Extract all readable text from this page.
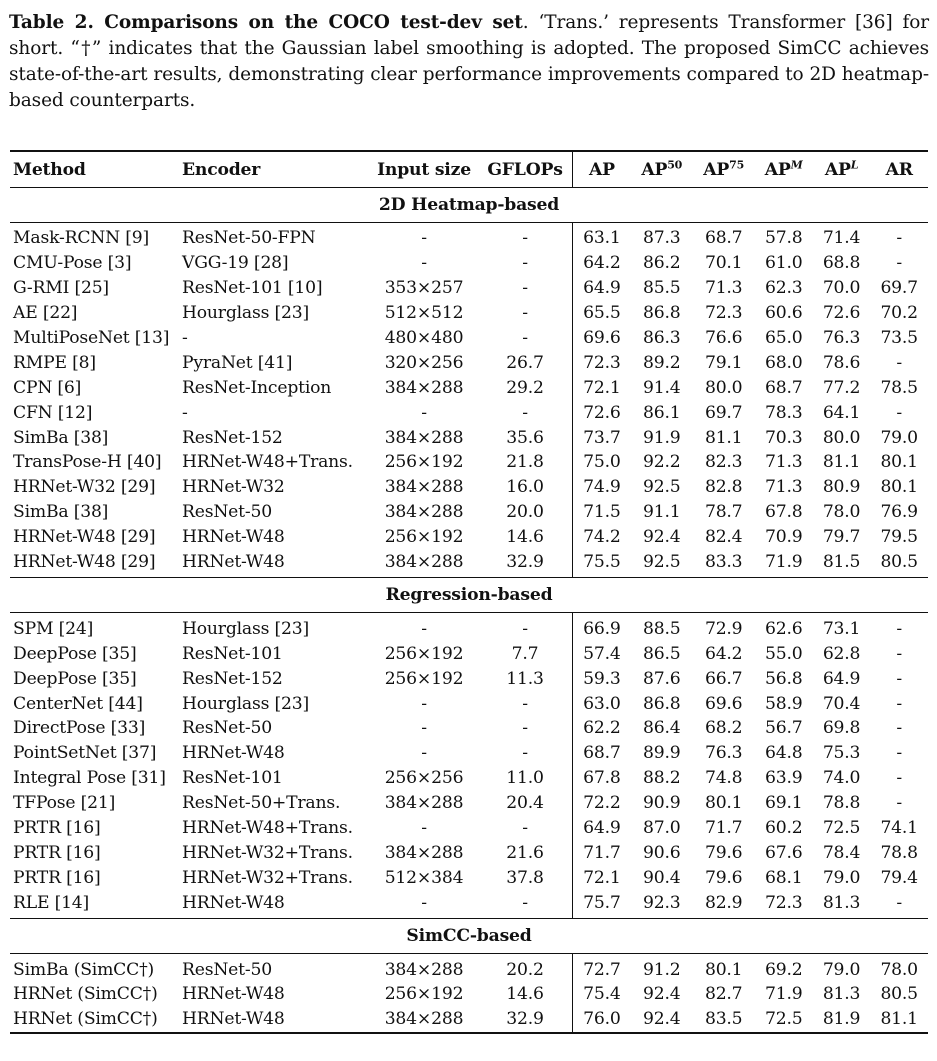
Table 2. Comparisons on the COCO test-dev set. ‘Trans.’ represents Transformer [36] for short. “†” indicates that the Gaussian label smoothing is adopted. The proposed SimCC achieves state-of-the-art results, demonstrating clear performance improvements compared to 2D heatmap-based counterparts.
Method	Encoder	Input size	GFLOPs	AP	AP$^{50}$	AP$^{75}$	$AP^M$	$AP^L$	AR
2D Heatmap-based									
Mask-RCNN [9]	ResNet-50-FPN	-	-	63.1	87.3	68.7	57.8	71.4	-
CMU-Pose [3]	VGG-19 [28]	-	-	64.2	86.2	70.1	61.0	68.8	-
G-RMI [25]	ResNet-101 [10]	353×257	-	64.9	85.5	71.3	62.3	70.0	69.7
AE [22]	Hourglass [23]	512×512	-	65.5	86.8	72.3	60.6	72.6	70.2
MultiPoseNet [13]	-	480×480	-	69.6	86.3	76.6	65.0	76.3	73.5
RMPE [8]	PyraNet [41]	320×256	26.7	72.3	89.2	79.1	68.0	78.6	-
CPN [6]	ResNet-Inception	384×288	29.2	72.1	91.4	80.0	68.7	77.2	78.5
CFN [12]	-	-	-	72.6	86.1	69.7	78.3	64.1	-
SimBa [38]	ResNet-152	384×288	35.6	73.7	91.9	81.1	70.3	80.0	79.0
TransPose-H [40]	HRNet-W48+Trans.	256×192	21.8	75.0	92.2	82.3	71.3	81.1	80.1
HRNet-W32 [29]	HRNet-W32	384×288	16.0	74.9	92.5	82.8	71.3	80.9	80.1
SimBa [38]	ResNet-50	384×288	20.0	71.5	91.1	78.7	67.8	78.0	76.9
HRNet-W48 [29]	HRNet-W48	256×192	14.6	74.2	92.4	82.4	70.9	79.7	79.5
HRNet-W48 [29]	HRNet-W48	384×288	32.9	75.5	92.5	83.3	71.9	81.5	80.5
Regression-based									
SPM [24]	Hourglass [23]	-	-	66.9	88.5	72.9	62.6	73.1	-
DeepPose [35]	ResNet-101	256×192	7.7	57.4	86.5	64.2	55.0	62.8	-
DeepPose [35]	ResNet-152	256×192	11.3	59.3	87.6	66.7	56.8	64.9	-
CenterNet [44]	Hourglass [23]	-	-	63.0	86.8	69.6	58.9	70.4	-
DirectPose [33]	ResNet-50	-	-	62.2	86.4	68.2	56.7	69.8	-
PointSetNet [37]	HRNet-W48	-	-	68.7	89.9	76.3	64.8	75.3	-
Integral Pose [31]	ResNet-101	256×256	11.0	67.8	88.2	74.8	63.9	74.0	-
TFPose [21]	ResNet-50+Trans.	384×288	20.4	72.2	90.9	80.1	69.1	78.8	-
PRTR [16]	HRNet-W48+Trans.	-	-	64.9	87.0	71.7	60.2	72.5	74.1
PRTR [16]	HRNet-W32+Trans.	384×288	21.6	71.7	90.6	79.6	67.6	78.4	78.8
PRTR [16]	HRNet-W32+Trans.	512×384	37.8	72.1	90.4	79.6	68.1	79.0	79.4
RLE [14]	HRNet-W48	-	-	75.7	92.3	82.9	72.3	81.3	-
SimCC-based									
SimBa (SimCC†)	ResNet-50	384×288	20.2	72.7	91.2	80.1	69.2	79.0	78.0
HRNet (SimCC†)	HRNet-W48	256×192	14.6	75.4	92.4	82.7	71.9	81.3	80.5
HRNet (SimCC†)	HRNet-W48	384×288	32.9	76.0	92.4	83.5	72.5	81.9	81.1
